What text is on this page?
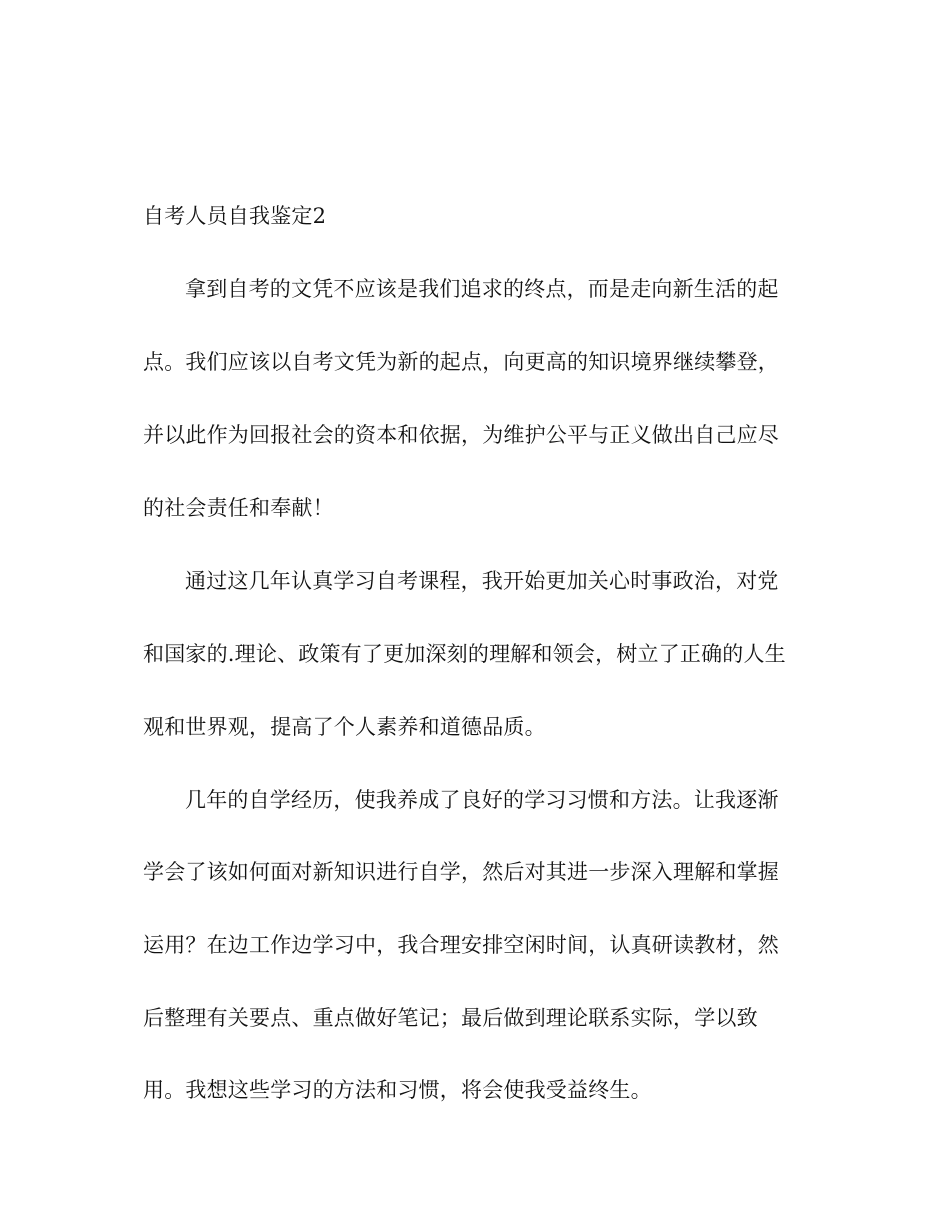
自考人员自我鉴定2
拿到自考的文凭不应该是我们追求的终点，而是走向新生活的起
点。我们应该以自考文凭为新的起点，向更高的知识境界继续攀登，
并以此作为回报社会的资本和依据，为维护公平与正义做出自己应尽
的社会责任和奉献！
通过这几年认真学习自考课程，我开始更加关心时事政治，对党
和国家的.理论、政策有了更加深刻的理解和领会，树立了正确的人生
观和世界观，提高了个人素养和道德品质。
几年的自学经历，使我养成了良好的学习习惯和方法。让我逐渐
学会了该如何面对新知识进行自学，然后对其进一步深入理解和掌握
运用？在边工作边学习中，我合理安排空闲时间，认真研读教材，然
后整理有关要点、重点做好笔记；最后做到理论联系实际，学以致
用。我想这些学习的方法和习惯，将会使我受益终生。
